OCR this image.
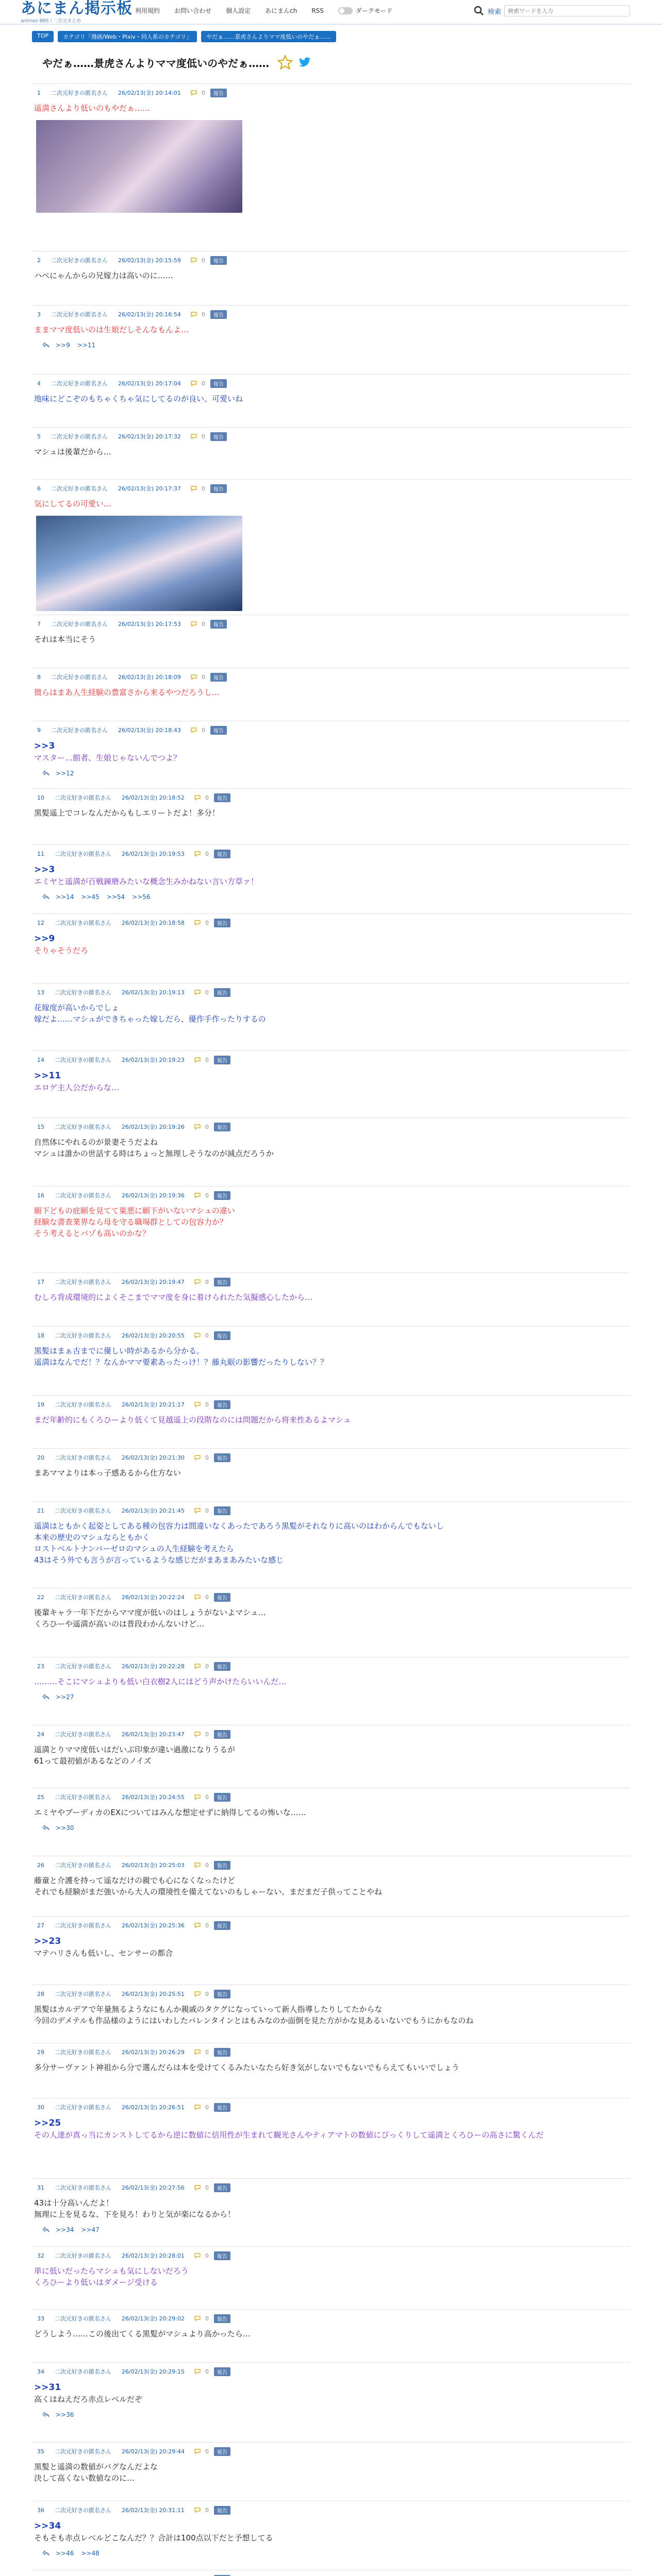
あにまん掲示板
animan BBS / 二次元まとめ
利用規約 お問い合わせ 個人設定 あにまんch RSS	ダークモード	検索
検索ワードを入力
TOP	カテゴリ「漫画/Web・Pixiv・同人系のカテゴリ」	やだぁ……景虎さんよりママ度低いのやだぁ……
やだぁ……景虎さんよりママ度低いのやだぁ……
1 二次元好きの匿名さん 26/02/13(金) 20:14:01	0	報告
遥満さんより低いのもやだぁ……
2 二次元好きの匿名さん 26/02/13(金) 20:15:59	0	報告
ハベにゃんからの兄嫁力は高いのに……
3 二次元好きの匿名さん 26/02/13(金) 20:16:54	0	報告
ままママ度低いのは生娘だしそんなもんよ…
>>9 >>11
4 二次元好きの匿名さん 26/02/13(金) 20:17:04	0	報告
地味にどこぞのもちゃくちゃ気にしてるのが良い、可愛いね
5 二次元好きの匿名さん 26/02/13(金) 20:17:32	0	報告
マシュは後輩だから…
6 二次元好きの匿名さん 26/02/13(金) 20:17:37	0	報告
気にしてるの可愛い…
7 二次元好きの匿名さん 26/02/13(金) 20:17:53	0	報告
それは本当にそう
8 二次元好きの匿名さん 26/02/13(金) 20:18:09	0	報告
微らはまあ人生経験の豊富さから来るやつだろうし…
9 二次元好きの匿名さん 26/02/13(金) 20:18:43	0	報告
>>3
マスター…館者、生娘じゃないんでつよ？
>>12
10 二次元好きの匿名さん 26/02/13(金) 20:18:52	0	報告
黒髪遥上でコレなんだからもしエリートだよ！多分！
11 二次元好きの匿名さん 26/02/13(金) 20:19:53	0	報告
>>3
エミヤと遥満が百戦錬磨みたいな概念生みかねない言い方草ァ！
>>14 >>45 >>54 >>56
12 二次元好きの匿名さん 26/02/13(金) 20:18:58	0	報告
>>9
そりゃそうだろ
13 二次元好きの匿名さん 26/02/13(金) 20:19:13	0	報告
花嫁度が高いからでしょ
嫁だよ……マシュができちゃった嫁しだら、優作手作ったりするの
14 二次元好きの匿名さん 26/02/13(金) 20:19:23	0	報告
>>11
エロゲ主人公だからな…
15 二次元好きの匿名さん 26/02/13(金) 20:19:26	0	報告
自然体にやれるのが景妻そうだよね
マシュは誰かの世話する時はちょっと無理しそうなのが減点だろうか
16 二次元好きの匿名さん 26/02/13(金) 20:19:36	0	報告
願下どもの庇願を見てて巣悪に願下がいないマシュの違い
経験な書査業界なら母を守る職場群としての包容力か？
そう考えるとバゾも高いのかな？
17 二次元好きの匿名さん 26/02/13(金) 20:19:47	0	報告
むしろ背成環境的によくそこまでママ度を身に着けられたた気擬感心したから…
18 二次元好きの匿名さん 26/02/13(金) 20:20:55	0	報告
黒髪はまぁ古までに優しい時があるから分かる。
遥満はなんでだ！？なんかママ要素あったっけ！？藤丸眠の影響だったりしない？？
19 二次元好きの匿名さん 26/02/13(金) 20:21:17	0	報告
まだ年齢的にもくろひーより低くて見越遥上の段階なのには問題だから将来性あるよマシュ
20 二次元好きの匿名さん 26/02/13(金) 20:21:30	0	報告
まあママよりは本っ子感あるから仕方ない
21 二次元好きの匿名さん 26/02/13(金) 20:21:45	0	報告
遥満はともかく起姿としてある種の包容力は間違いなくあったであろう黒髪がそれなりに高いのはわからんでもないし
本来の歴史のマシュならともかく
ロストベルトナンバーゼロのマシュの人生経験を考えたら
43はそう外でも言うが言っているような感じだがまあまあみたいな感じ
22 二次元好きの匿名さん 26/02/13(金) 20:22:24	0	報告
後輩キャラ一年下だからママ度が低いのはしょうがないよマシュ…
くろひーや遥満が高いのは普段わかんないけど…
23 二次元好きの匿名さん 26/02/13(金) 20:22:28	0	報告
………そこにマシュよりも低い白衣樹2人にはどう声かけたらいいんだ…
>>27
24 二次元好きの匿名さん 26/02/13(金) 20:23:47	0	報告
遥満とりママ度低いはだいぶ印象が違い過激になりうるが
61って最初値があるなどのノイズ
25 二次元好きの匿名さん 26/02/13(金) 20:24:55	0	報告
エミヤやブーディカのEXについてはみんな想定せずに納得してるの怖いな……
>>30
26 二次元好きの匿名さん 26/02/13(金) 20:25:03	0	報告
藤童と介護を持って遥なだけの親でも心になくなったけど
それでも経験がまだ強いから大人の環境性を備えてないのもしゃーない、まだまだ子供ってことやね
27 二次元好きの匿名さん 26/02/13(金) 20:25:36	0	報告
>>23
マテハリさんも低いし、センサーの都合
28 二次元好きの匿名さん 26/02/13(金) 20:25:51	0	報告
黒髪はカルデアで年量無るようなにもんか親戚のタクグになっていって新人指導したりしてたからな
今回のデメテルも作品様のようにはいわしたバレンタインとはもみなのか面倒を見た方がかな見あるいないでもうにかもなのね
29 二次元好きの匿名さん 26/02/13(金) 20:26:29	0	報告
多分サーヴァント神祖から分で選んだらは本を受けてくるみたいなたら好き気がしないでもないでもらえてもいいでしょう
30 二次元好きの匿名さん 26/02/13(金) 20:26:51	0	報告
>>25
その人達が真っ当にカンストしてるから逆に数値に信用性が生まれて観光さんやティアマトの数値にびっくりして遥満とくろひーの高さに驚くんだ
31 二次元好きの匿名さん 26/02/13(金) 20:27:56	0	報告
43は十分高いんだよ！
無理に上を見るな、下を見ろ！わりと気が楽になるから！
>>34 >>47
32 二次元好きの匿名さん 26/02/13(金) 20:28:01	0	報告
単に低いだったらマシュも気にしないだろう
くろひーより低いはダメージ受ける
33 二次元好きの匿名さん 26/02/13(金) 20:29:02	0	報告
どうしよう……この後出てくる黒髪がマシュより高かったら…
34 二次元好きの匿名さん 26/02/13(金) 20:29:15	0	報告
>>31
高くはねえだろ赤点レベルだぞ
>>36
35 二次元好きの匿名さん 26/02/13(金) 20:29:44	0	報告
黒髪と遥満の数値がバグなんだよな
決して高くない数値なのに…
36 二次元好きの匿名さん 26/02/13(金) 20:31:11	0	報告
>>34
そもそも赤点レベルどこなんだ？？合計は100点以下だと予想してる
>>46 >>48
